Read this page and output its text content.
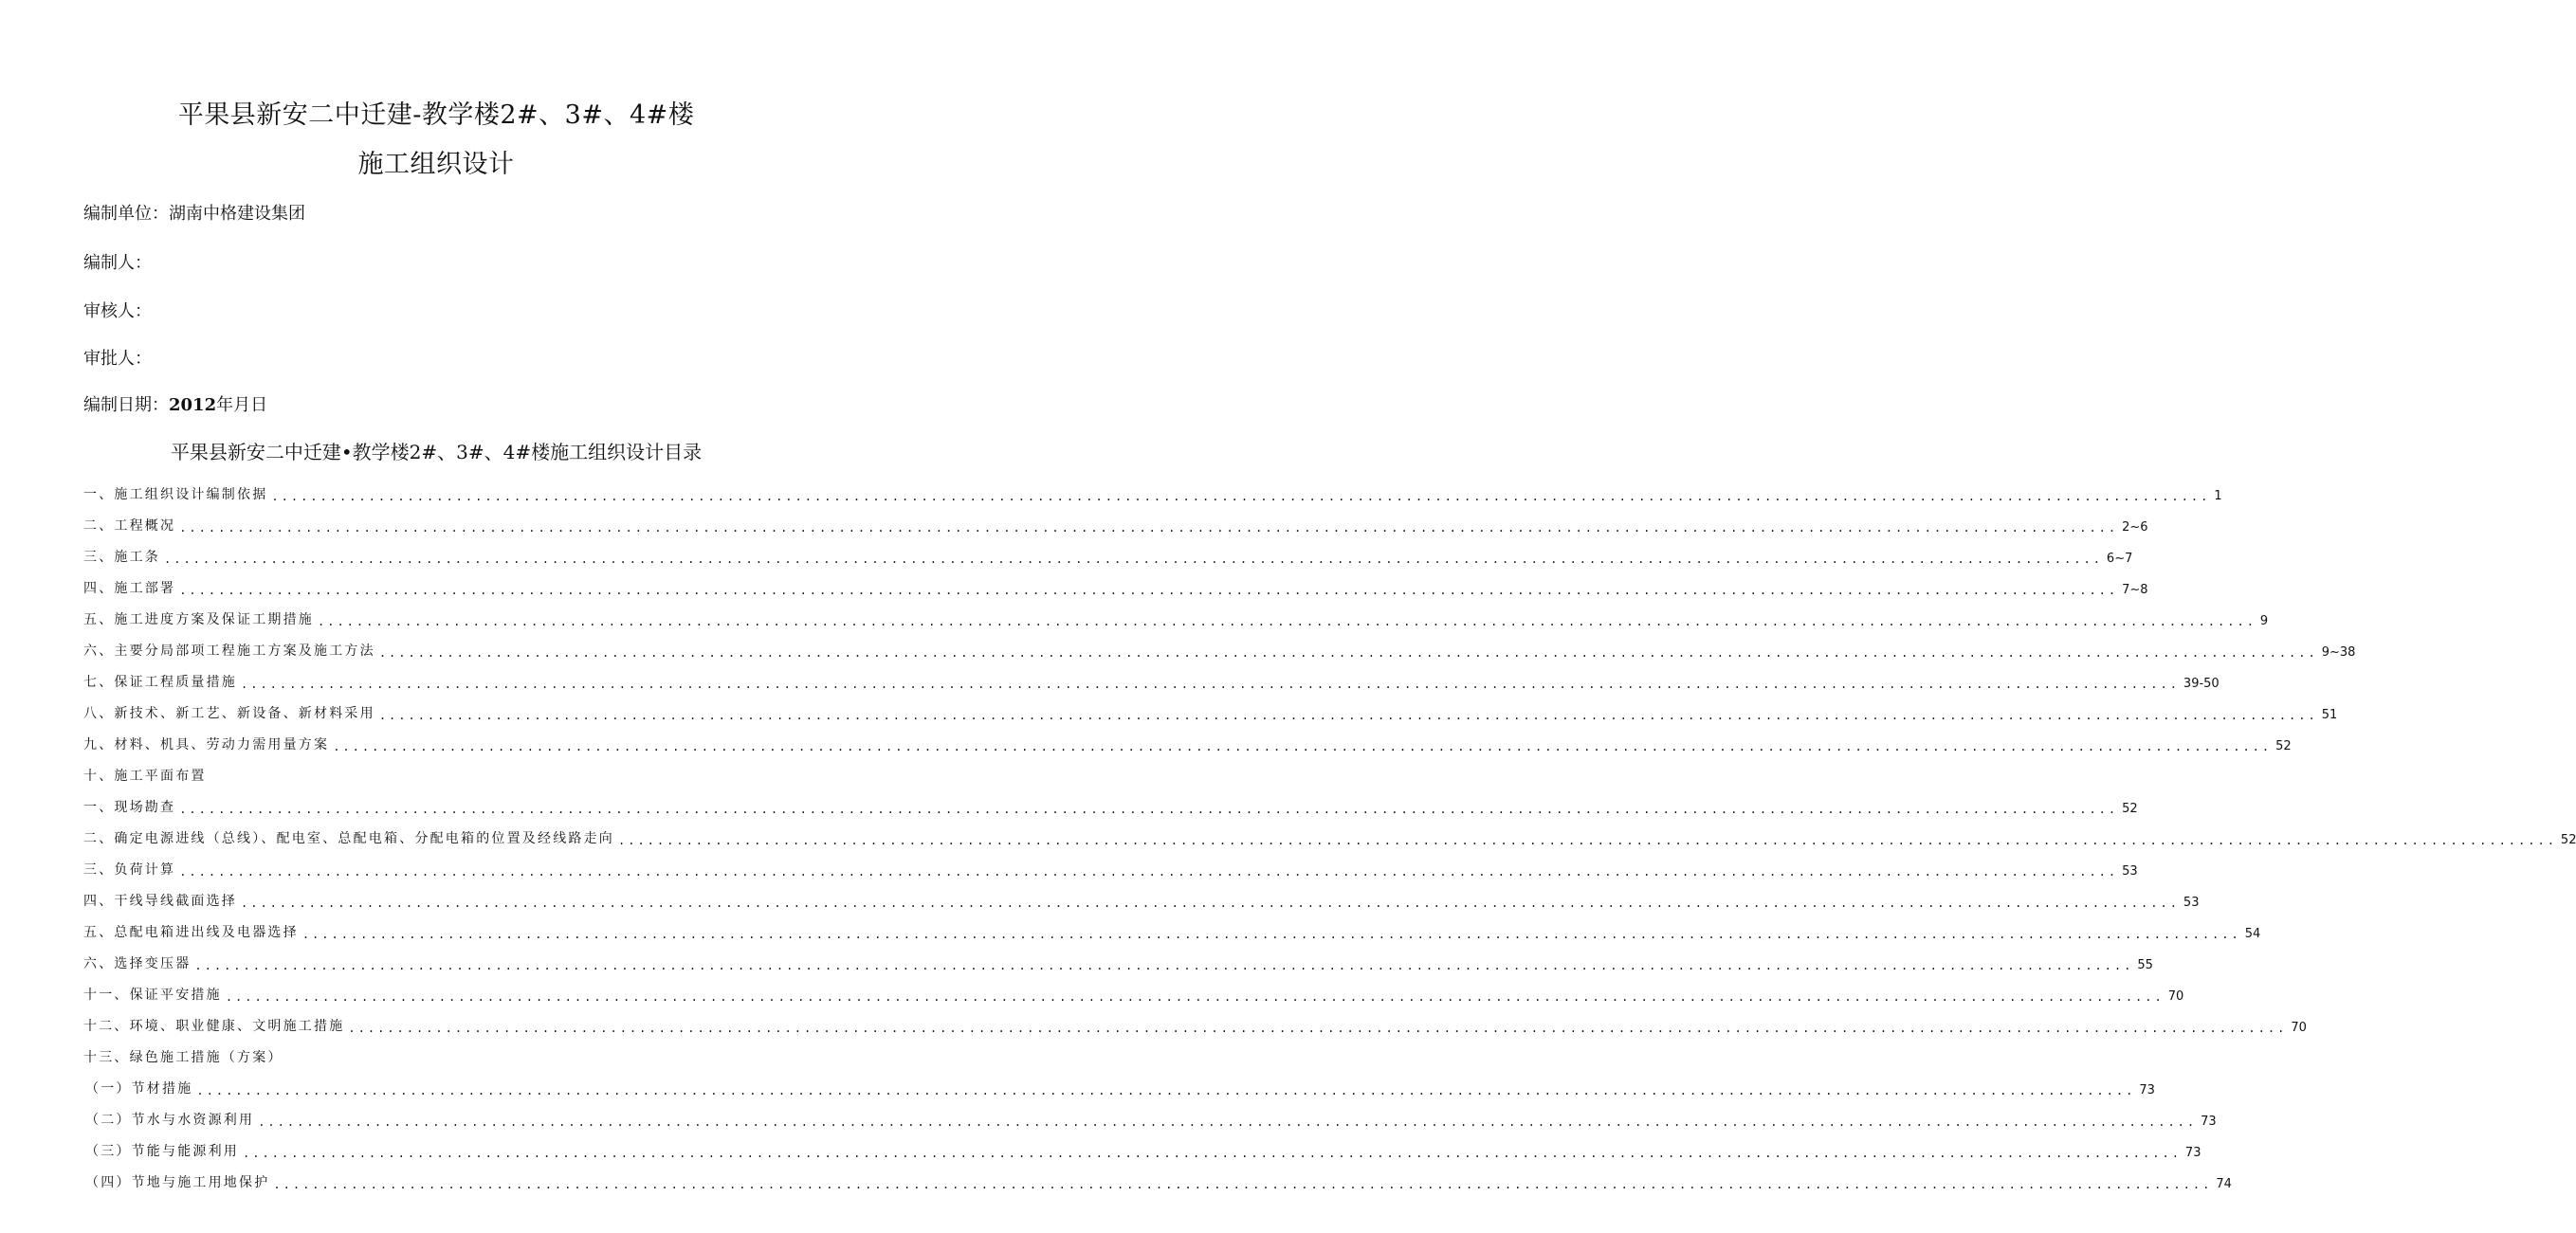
平果县新安二中迁建-教学楼2#、3#、4#楼
施工组织设计
编制单位：湖南中格建设集团
编制人：
审核人：
审批人：
编制日期：2012年月日
平果县新安二中迁建•教学楼2#、3#、4#楼施工组织设计目录
一、施工组织设计编制依据 ........................................................................................................................................................................................................ 1
二、工程概况 ........................................................................................................................................................................................................ 2~6
三、施工条 ........................................................................................................................................................................................................ 6~7
四、施工部署 ........................................................................................................................................................................................................ 7~8
五、施工进度方案及保证工期措施 ........................................................................................................................................................................................................ 9
六、主要分局部项工程施工方案及施工方法 ........................................................................................................................................................................................................ 9~38
七、保证工程质量措施 ........................................................................................................................................................................................................ 39-50
八、新技术、新工艺、新设备、新材料采用 ........................................................................................................................................................................................................ 51
九、材料、机具、劳动力需用量方案 ........................................................................................................................................................................................................ 52
十、施工平面布置
一、现场勘查 ........................................................................................................................................................................................................ 52
二、确定电源进线（总线）、配电室、总配电箱、分配电箱的位置及经线路走向 ........................................................................................................................................................................................................ 52
三、负荷计算 ........................................................................................................................................................................................................ 53
四、干线导线截面选择 ........................................................................................................................................................................................................ 53
五、总配电箱进出线及电器选择 ........................................................................................................................................................................................................ 54
六、选择变压器 ........................................................................................................................................................................................................ 55
十一、保证平安措施 ........................................................................................................................................................................................................ 70
十二、环境、职业健康、文明施工措施 ........................................................................................................................................................................................................ 70
十三、绿色施工措施（方案）
（一）节材措施 ........................................................................................................................................................................................................ 73
（二）节水与水资源利用 ........................................................................................................................................................................................................ 73
（三）节能与能源利用 ........................................................................................................................................................................................................ 73
（四）节地与施工用地保护 ........................................................................................................................................................................................................ 74
